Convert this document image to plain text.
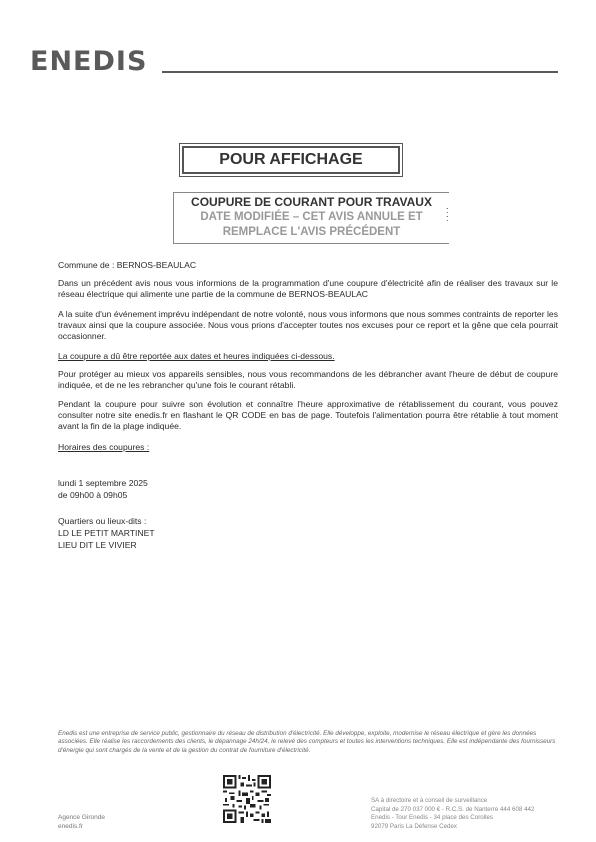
ENEDIS
POUR AFFICHAGE
COUPURE DE COURANT POUR TRAVAUX
DATE MODIFIÉE – CET AVIS ANNULE ET
REMPLACE L'AVIS PRÉCÉDENT
:
:
Commune de : BERNOS-BEAULAC
Dans un précédent avis nous vous informions de la programmation d'une coupure d'électricité afin de réaliser des travaux sur le réseau électrique qui alimente une partie de la commune de BERNOS-BEAULAC
A la suite d'un événement imprévu indépendant de notre volonté, nous vous informons que nous sommes contraints de reporter les travaux ainsi que la coupure associée. Nous vous prions d'accepter toutes nos excuses pour ce report et la gêne que cela pourrait occasionner.
La coupure a dû être reportée aux dates et heures indiquées ci-dessous.
Pour protéger au mieux vos appareils sensibles, nous vous recommandons de les débrancher avant l'heure de début de coupure indiquée, et de ne les rebrancher qu'une fois le courant rétabli.
Pendant la coupure pour suivre son évolution et connaître l'heure approximative de rétablissement du courant, vous pouvez consulter notre site enedis.fr en flashant le QR CODE en bas de page. Toutefois l'alimentation pourra être rétablie à tout moment avant la fin de la plage indiquée.
Horaires des coupures :
lundi 1 septembre 2025
de 09h00 à 09h05
Quartiers ou lieux-dits :
LD LE PETIT MARTINET
LIEU DIT LE VIVIER
Enedis est une entreprise de service public, gestionnaire du réseau de distribution d'électricité. Elle développe, exploite, modernise le réseau électrique et gère les données associées. Elle réalise les raccordements des clients, le dépannage 24h/24, le relevé des compteurs et toutes les interventions techniques. Elle est indépendante des fournisseurs d'énergie qui sont chargés de la vente et de la gestion du contrat de fourniture d'électricité.
Agence Gironde
enedis.fr
SA à directoire et à conseil de surveillance
Capital de 270 037 000 € - R.C.S. de Nanterre 444 608 442
Enedis - Tour Enedis - 34 place des Corolles
92079 Paris La Défense Cedex
